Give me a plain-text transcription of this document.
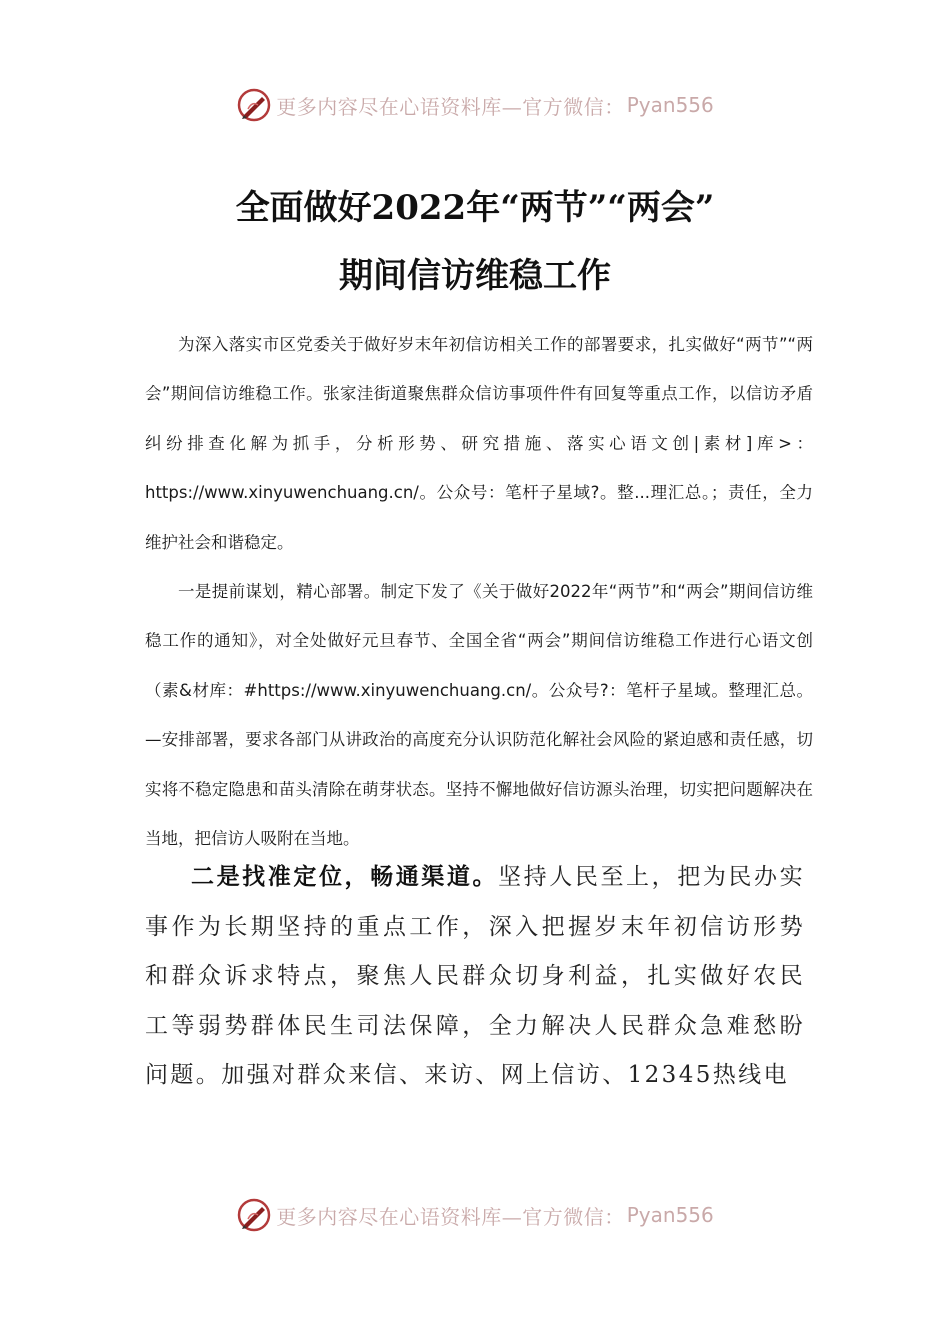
更多内容尽在心语资料库—官方微信： Pyan556
全面做好2022年“两节”“两会”
期间信访维稳工作

为深入落实市区党委关于做好岁末年初信访相关工作的部署要求，扎实做好“两节”“两会”期间信访维稳工作。张家洼街道聚焦群众信访事项件件有回复等重点工作，以信访矛盾纠纷排查化解为抓手，分析形势、研究措施、落实心语文创|素材]库>：https://www.xinyuwenchuang.cn/。公众号：笔杆子星域?。整...理汇总。；责任，全力维护社会和谐稳定。

一是提前谋划，精心部署。制定下发了《关于做好2022年“两节”和“两会”期间信访维稳工作的通知》，对全处做好元旦春节、全国全省“两会”期间信访维稳工作进行心语文创（素&材库：#https://www.xinyuwenchuang.cn/。公众号?：笔杆子星域。整理汇总。—安排部署，要求各部门从讲政治的高度充分认识防范化解社会风险的紧迫感和责任感，切实将不稳定隐患和苗头清除在萌芽状态。坚持不懈地做好信访源头治理，切实把问题解决在当地，把信访人吸附在当地。

二是找准定位，畅通渠道。坚持人民至上，把为民办实事作为长期坚持的重点工作，深入把握岁末年初信访形势和群众诉求特点，聚焦人民群众切身利益，扎实做好农民工等弱势群体民生司法保障，全力解决人民群众急难愁盼问题。加强对群众来信、来访、网上信访、12345热线电

更多内容尽在心语资料库—官方微信： Pyan556
